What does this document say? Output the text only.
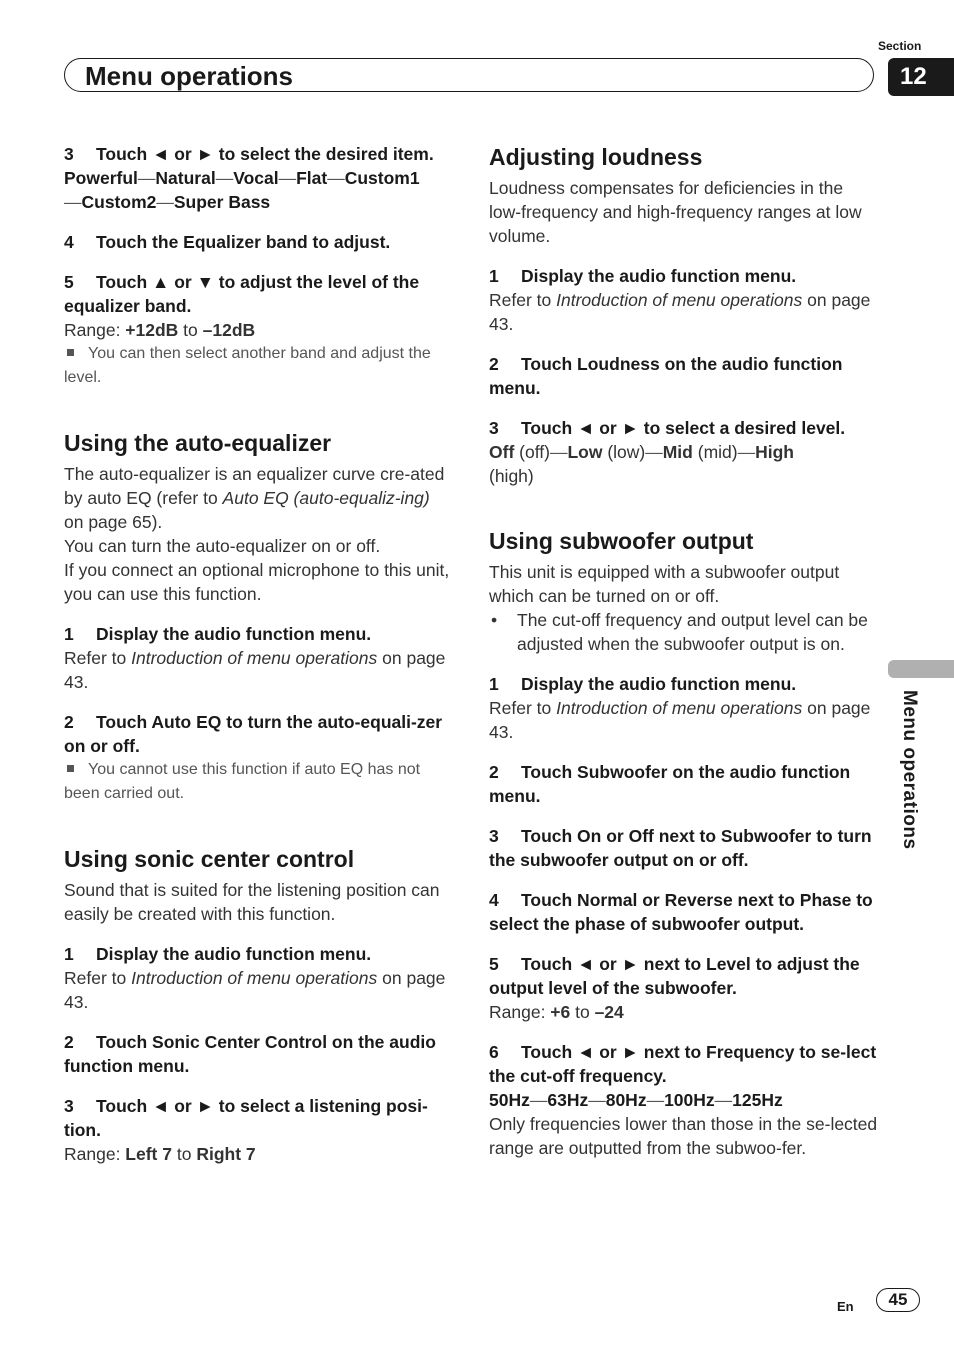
Section
12
Menu operations
3 Touch ◄ or ► to select the desired item.
Powerful—Natural—Vocal—Flat—Custom1
—Custom2—Super Bass
4 Touch the Equalizer band to adjust.
5 Touch ▲ or ▼ to adjust the level of the equalizer band.
Range: +12dB to –12dB
You can then select another band and adjust the level.
Using the auto-equalizer
The auto-equalizer is an equalizer curve cre-ated by auto EQ (refer to Auto EQ (auto-equaliz-ing) on page 65).
You can turn the auto-equalizer on or off.
If you connect an optional microphone to this unit, you can use this function.
1 Display the audio function menu.
Refer to Introduction of menu operations on page 43.
2 Touch Auto EQ to turn the auto-equali-zer on or off.
You cannot use this function if auto EQ has not been carried out.
Using sonic center control
Sound that is suited for the listening position can easily be created with this function.
1 Display the audio function menu.
Refer to Introduction of menu operations on page 43.
2 Touch Sonic Center Control on the audio function menu.
3 Touch ◄ or ► to select a listening posi-tion.
Range: Left 7 to Right 7
Adjusting loudness
Loudness compensates for deficiencies in the low-frequency and high-frequency ranges at low volume.
1 Display the audio function menu.
Refer to Introduction of menu operations on page 43.
2 Touch Loudness on the audio function menu.
3 Touch ◄ or ► to select a desired level.
Off (off)—Low (low)—Mid (mid)—High
(high)
Using subwoofer output
This unit is equipped with a subwoofer output which can be turned on or off.
•	The cut-off frequency and output level can be adjusted when the subwoofer output is on.
1 Display the audio function menu.
Refer to Introduction of menu operations on page 43.
2 Touch Subwoofer on the audio function menu.
3 Touch On or Off next to Subwoofer to turn the subwoofer output on or off.
4 Touch Normal or Reverse next to Phase to select the phase of subwoofer output.
5 Touch ◄ or ► next to Level to adjust the output level of the subwoofer.
Range: +6 to –24
6 Touch ◄ or ► next to Frequency to se-lect the cut-off frequency.
50Hz—63Hz—80Hz—100Hz—125Hz
Only frequencies lower than those in the se-lected range are outputted from the subwoo-fer.
Menu operations
En	45
